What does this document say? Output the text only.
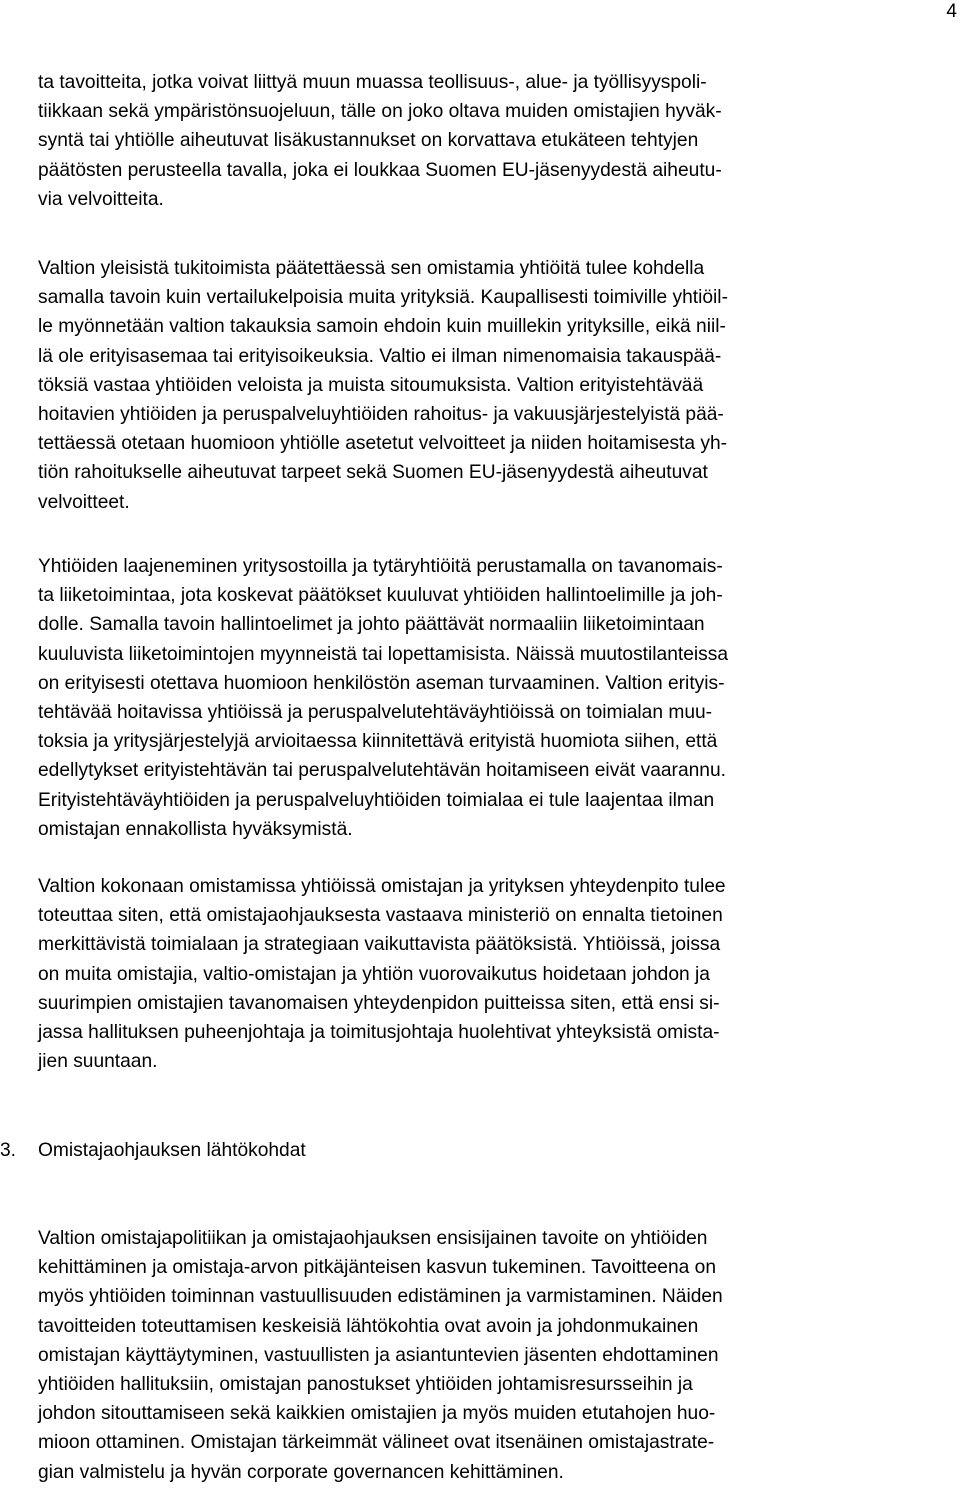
4
ta tavoitteita, jotka voivat liittyä muun muassa teollisuus-, alue- ja työllisyyspoli-
tiikkaan sekä ympäristönsuojeluun, tälle on joko oltava muiden omistajien hyväk-
syntä tai yhtiölle aiheutuvat lisäkustannukset on korvattava etukäteen tehtyjen
päätösten perusteella tavalla, joka ei loukkaa Suomen EU-jäsenyydestä aiheutu-
via velvoitteita.
Valtion yleisistä tukitoimista päätettäessä sen omistamia yhtiöitä tulee kohdella
samalla tavoin kuin vertailukelpoisia muita yrityksiä. Kaupallisesti toimiville yhtiöil-
le myönnetään valtion takauksia samoin ehdoin kuin muillekin yrityksille, eikä niil-
lä ole erityisasemaa tai erityisoikeuksia. Valtio ei ilman nimenomaisia takauspää-
töksiä vastaa yhtiöiden veloista ja muista sitoumuksista. Valtion erityistehtävää
hoitavien yhtiöiden ja peruspalveluyhtiöiden rahoitus- ja vakuusjärjestelyistä pää-
tettäessä otetaan huomioon yhtiölle asetetut velvoitteet ja niiden hoitamisesta yh-
tiön rahoitukselle aiheutuvat tarpeet sekä Suomen EU-jäsenyydestä aiheutuvat
velvoitteet.
Yhtiöiden laajeneminen yritysostoilla ja tytäryhtiöitä perustamalla on tavanomais-
ta liiketoimintaa, jota koskevat päätökset kuuluvat yhtiöiden hallintoelimille ja joh-
dolle. Samalla tavoin hallintoelimet ja johto päättävät normaaliin liiketoimintaan
kuuluvista liiketoimintojen myynneistä tai lopettamisista. Näissä muutostilanteissa
on erityisesti otettava huomioon henkilöstön aseman turvaaminen. Valtion erityis-
tehtävää hoitavissa yhtiöissä ja peruspalvelutehtäväyhtiöissä on toimialan muu-
toksia ja yritysjärjestelyjä arvioitaessa kiinnitettävä erityistä huomiota siihen, että
edellytykset erityistehtävän tai peruspalvelutehtävän hoitamiseen eivät vaarannu.
Erityistehtäväyhtiöiden ja peruspalveluyhtiöiden toimialaa ei tule laajentaa ilman
omistajan ennakollista hyväksymistä.
Valtion kokonaan omistamissa yhtiöissä omistajan ja yrityksen yhteydenpito tulee
toteuttaa siten, että omistajaohjauksesta vastaava ministeriö on ennalta tietoinen
merkittävistä toimialaan ja strategiaan vaikuttavista päätöksistä. Yhtiöissä, joissa
on muita omistajia, valtio-omistajan ja yhtiön vuorovaikutus hoidetaan johdon ja
suurimpien omistajien tavanomaisen yhteydenpidon puitteissa siten, että ensi si-
jassa hallituksen puheenjohtaja ja toimitusjohtaja huolehtivat yhteyksistä omista-
jien suuntaan.
3. Omistajaohjauksen lähtökohdat
Valtion omistajapolitiikan ja omistajaohjauksen ensisijainen tavoite on yhtiöiden
kehittäminen ja omistaja-arvon pitkäjänteisen kasvun tukeminen. Tavoitteena on
myös yhtiöiden toiminnan vastuullisuuden edistäminen ja varmistaminen. Näiden
tavoitteiden toteuttamisen keskeisiä lähtökohtia ovat avoin ja johdonmukainen
omistajan käyttäytyminen, vastuullisten ja asiantuntevien jäsenten ehdottaminen
yhtiöiden hallituksiin, omistajan panostukset yhtiöiden johtamisresursseihin ja
johdon sitouttamiseen sekä kaikkien omistajien ja myös muiden etutahojen huo-
mioon ottaminen. Omistajan tärkeimmät välineet ovat itsenäinen omistajastrate-
gian valmistelu ja hyvän corporate governancen kehittäminen.
